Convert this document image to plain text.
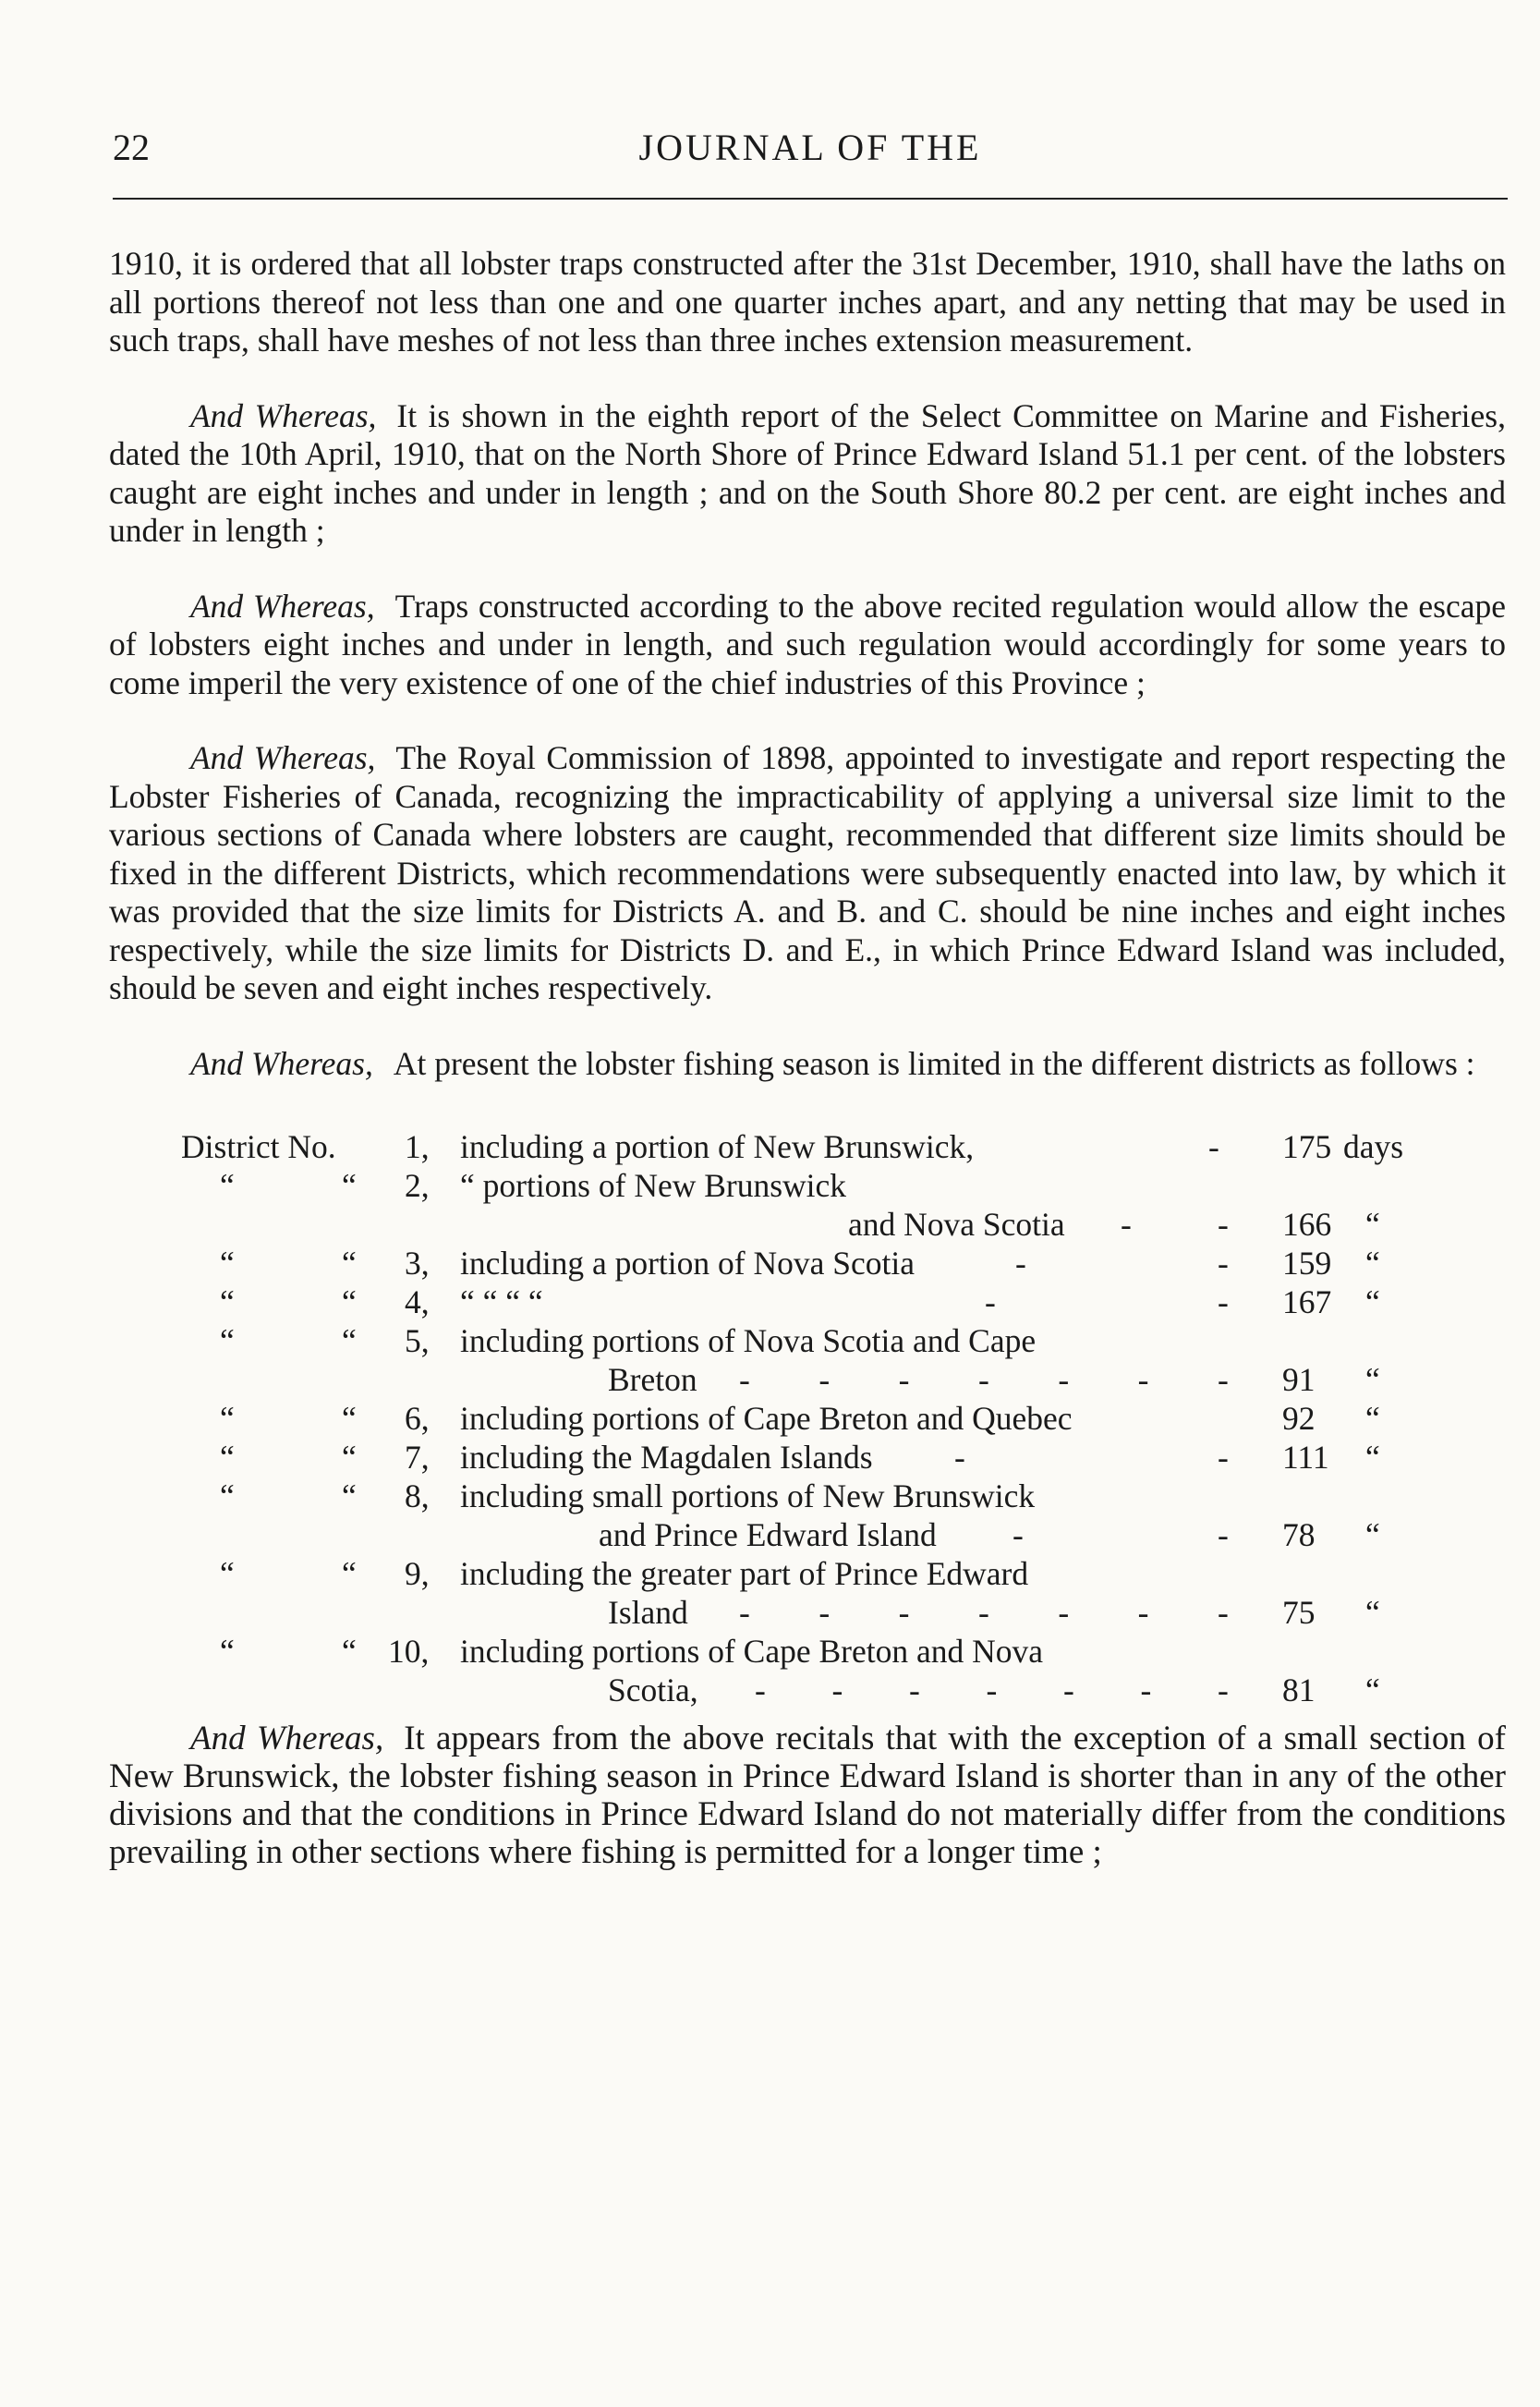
22	JOURNAL OF THE

1910, it is ordered that all lobster traps constructed after the 31st December, 1910, shall have the laths on all portions thereof not less than one and one quarter inches apart, and any netting that may be used in such traps, shall have meshes of not less than three inches extension measurement.

And Whereas, It is shown in the eighth report of the Select Committee on Marine and Fisheries, dated the 10th April, 1910, that on the North Shore of Prince Edward Island 51.1 per cent. of the lobsters caught are eight inches and under in length ; and on the South Shore 80.2 per cent. are eight inches and under in length ;

And Whereas, Traps constructed according to the above recited regulation would allow the escape of lobsters eight inches and under in length, and such regulation would accordingly for some years to come imperil the very existence of one of the chief industries of this Province ;

And Whereas, The Royal Commission of 1898, appointed to investigate and report respecting the Lobster Fisheries of Canada, recognizing the impracticability of applying a universal size limit to the various sections of Canada where lobsters are caught, recommended that different size limits should be fixed in the different Districts, which recommendations were subsequently enacted into law, by which it was provided that the size limits for Districts A. and B. and C. should be nine inches and eight inches respectively, while the size limits for Districts D. and E., in which Prince Edward Island was included, should be seven and eight inches respectively.

And Whereas, At present the lobster fishing season is limited in the different districts as follows :

District No. 1, including a portion of New Brunswick,	- 175 days
“	“ 2, “ portions of New Brunswick
and Nova Scotia -	- 166 “
“	“ 3, including a portion of Nova Scotia	-	- 159 “
“	“ 4, “ “ “ “	-	- 167 “
“	“ 5, including portions of Nova Scotia and Cape
Breton - - - - - - - 91 “
“	“ 6, including portions of Cape Breton and Quebec	92 “
“	“ 7, including the Magdalen Islands -	- 111 “
“	“ 8, including small portions of New Brunswick
and Prince Edward Island -	- 78 “
“	“ 9, including the greater part of Prince Edward
Island - - - - - - - 75 “
“	“ 10, including portions of Cape Breton and Nova
Scotia, - - - - - - - 81 “

And Whereas, It appears from the above recitals that with the exception of a small section of New Brunswick, the lobster fishing season in Prince Edward Island is shorter than in any of the other divisions and that the conditions in Prince Edward Island do not materially differ from the conditions prevailing in other sections where fishing is permitted for a longer time ;
